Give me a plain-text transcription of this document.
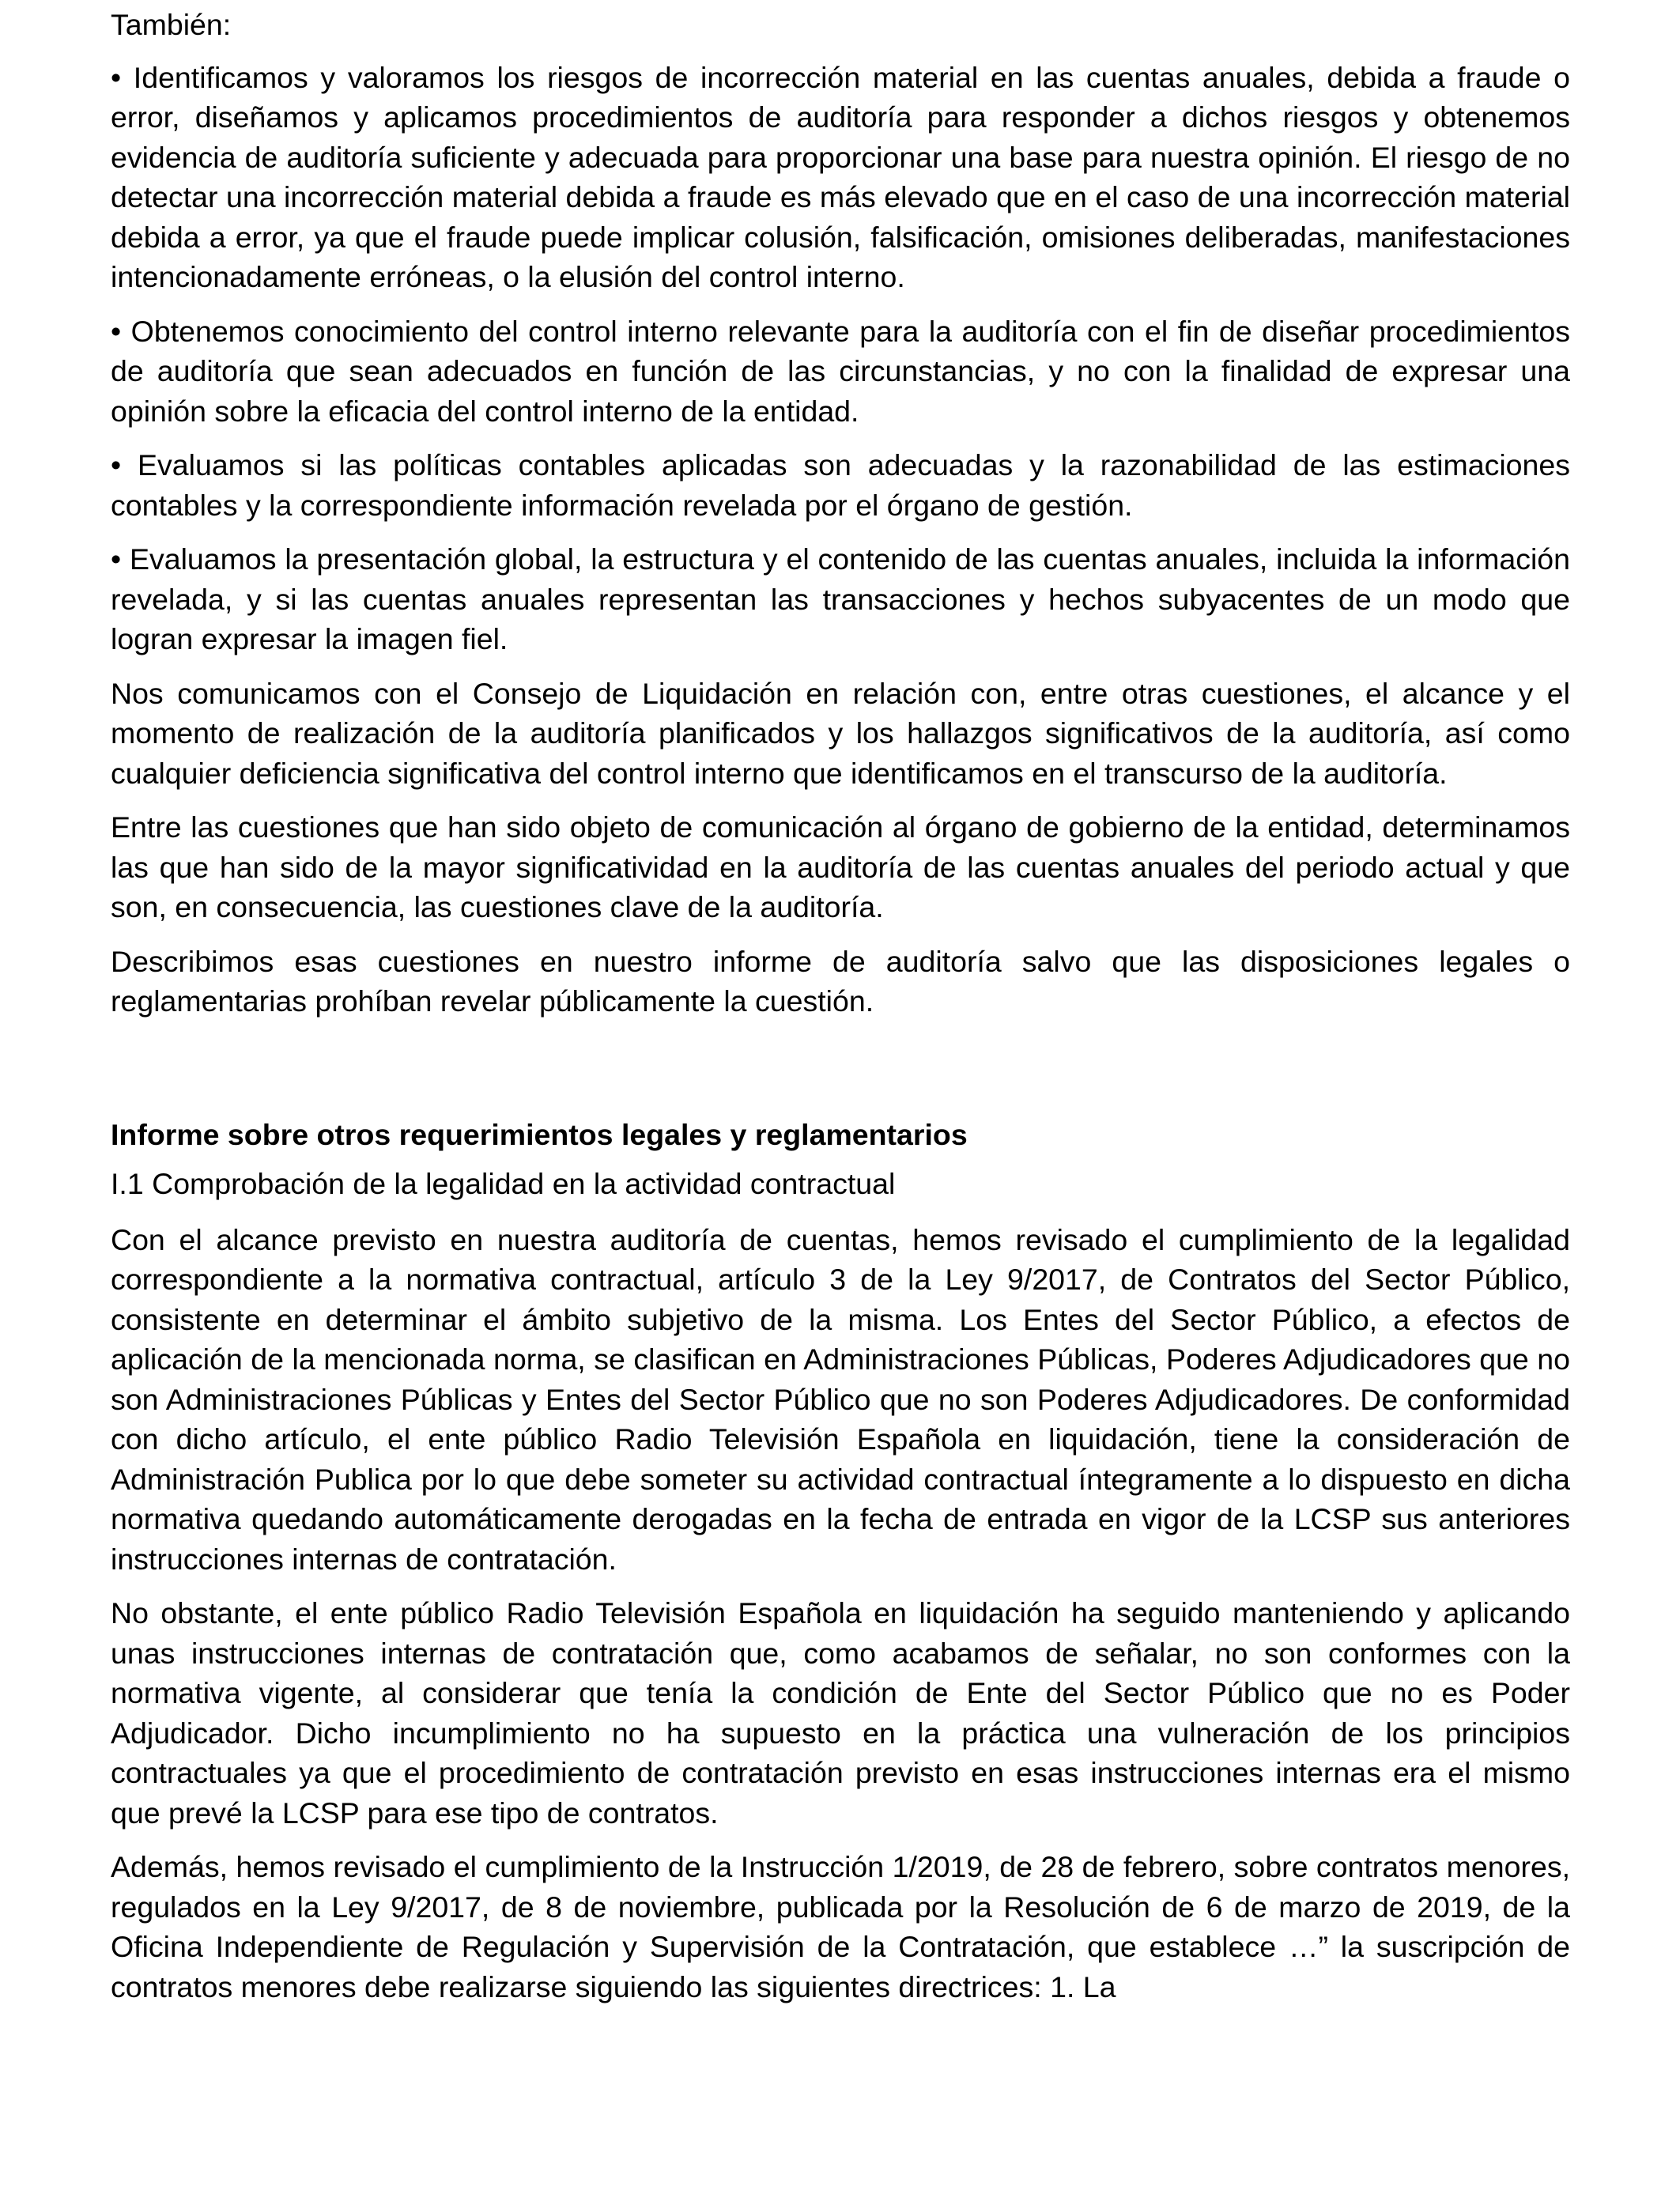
También:

• Identificamos y valoramos los riesgos de incorrección material en las cuentas anuales, debida a fraude o error, diseñamos y aplicamos procedimientos de auditoría para responder a dichos riesgos y obtenemos evidencia de auditoría suficiente y adecuada para proporcionar una base para nuestra opinión. El riesgo de no detectar una incorrección material debida a fraude es más elevado que en el caso de una incorrección material debida a error, ya que el fraude puede implicar colusión, falsificación, omisiones deliberadas, manifestaciones intencionadamente erróneas, o la elusión del control interno.

• Obtenemos conocimiento del control interno relevante para la auditoría con el fin de diseñar procedimientos de auditoría que sean adecuados en función de las circunstancias, y no con la finalidad de expresar una opinión sobre la eficacia del control interno de la entidad.

• Evaluamos si las políticas contables aplicadas son adecuadas y la razonabilidad de las estimaciones contables y la correspondiente información revelada por el órgano de gestión.

• Evaluamos la presentación global, la estructura y el contenido de las cuentas anuales, incluida la información revelada, y si las cuentas anuales representan las transacciones y hechos subyacentes de un modo que logran expresar la imagen fiel.

Nos comunicamos con el Consejo de Liquidación en relación con, entre otras cuestiones, el alcance y el momento de realización de la auditoría planificados y los hallazgos significativos de la auditoría, así como cualquier deficiencia significativa del control interno que identificamos en el transcurso de la auditoría.

Entre las cuestiones que han sido objeto de comunicación al órgano de gobierno de la entidad, determinamos las que han sido de la mayor significatividad en la auditoría de las cuentas anuales del periodo actual y que son, en consecuencia, las cuestiones clave de la auditoría.

Describimos esas cuestiones en nuestro informe de auditoría salvo que las disposiciones legales o reglamentarias prohíban revelar públicamente la cuestión.

Informe sobre otros requerimientos legales y reglamentarios

I.1 Comprobación de la legalidad en la actividad contractual

Con el alcance previsto en nuestra auditoría de cuentas, hemos revisado el cumplimiento de la legalidad correspondiente a la normativa contractual, artículo 3 de la Ley 9/2017, de Contratos del Sector Público, consistente en determinar el ámbito subjetivo de la misma. Los Entes del Sector Público, a efectos de aplicación de la mencionada norma, se clasifican en Administraciones Públicas, Poderes Adjudicadores que no son Administraciones Públicas y Entes del Sector Público que no son Poderes Adjudicadores. De conformidad con dicho artículo, el ente público Radio Televisión Española en liquidación, tiene la consideración de Administración Publica por lo que debe someter su actividad contractual íntegramente a lo dispuesto en dicha normativa quedando automáticamente derogadas en la fecha de entrada en vigor de la LCSP sus anteriores instrucciones internas de contratación.

No obstante, el ente público Radio Televisión Española en liquidación ha seguido manteniendo y aplicando unas instrucciones internas de contratación que, como acabamos de señalar, no son conformes con la normativa vigente, al considerar que tenía la condición de Ente del Sector Público que no es Poder Adjudicador. Dicho incumplimiento no ha supuesto en la práctica una vulneración de los principios contractuales ya que el procedimiento de contratación previsto en esas instrucciones internas era el mismo que prevé la LCSP para ese tipo de contratos.

Además, hemos revisado el cumplimiento de la Instrucción 1/2019, de 28 de febrero, sobre contratos menores, regulados en la Ley 9/2017, de 8 de noviembre, publicada por la Resolución de 6 de marzo de 2019, de la Oficina Independiente de Regulación y Supervisión de la Contratación, que establece …” la suscripción de contratos menores debe realizarse siguiendo las siguientes directrices: 1. La
